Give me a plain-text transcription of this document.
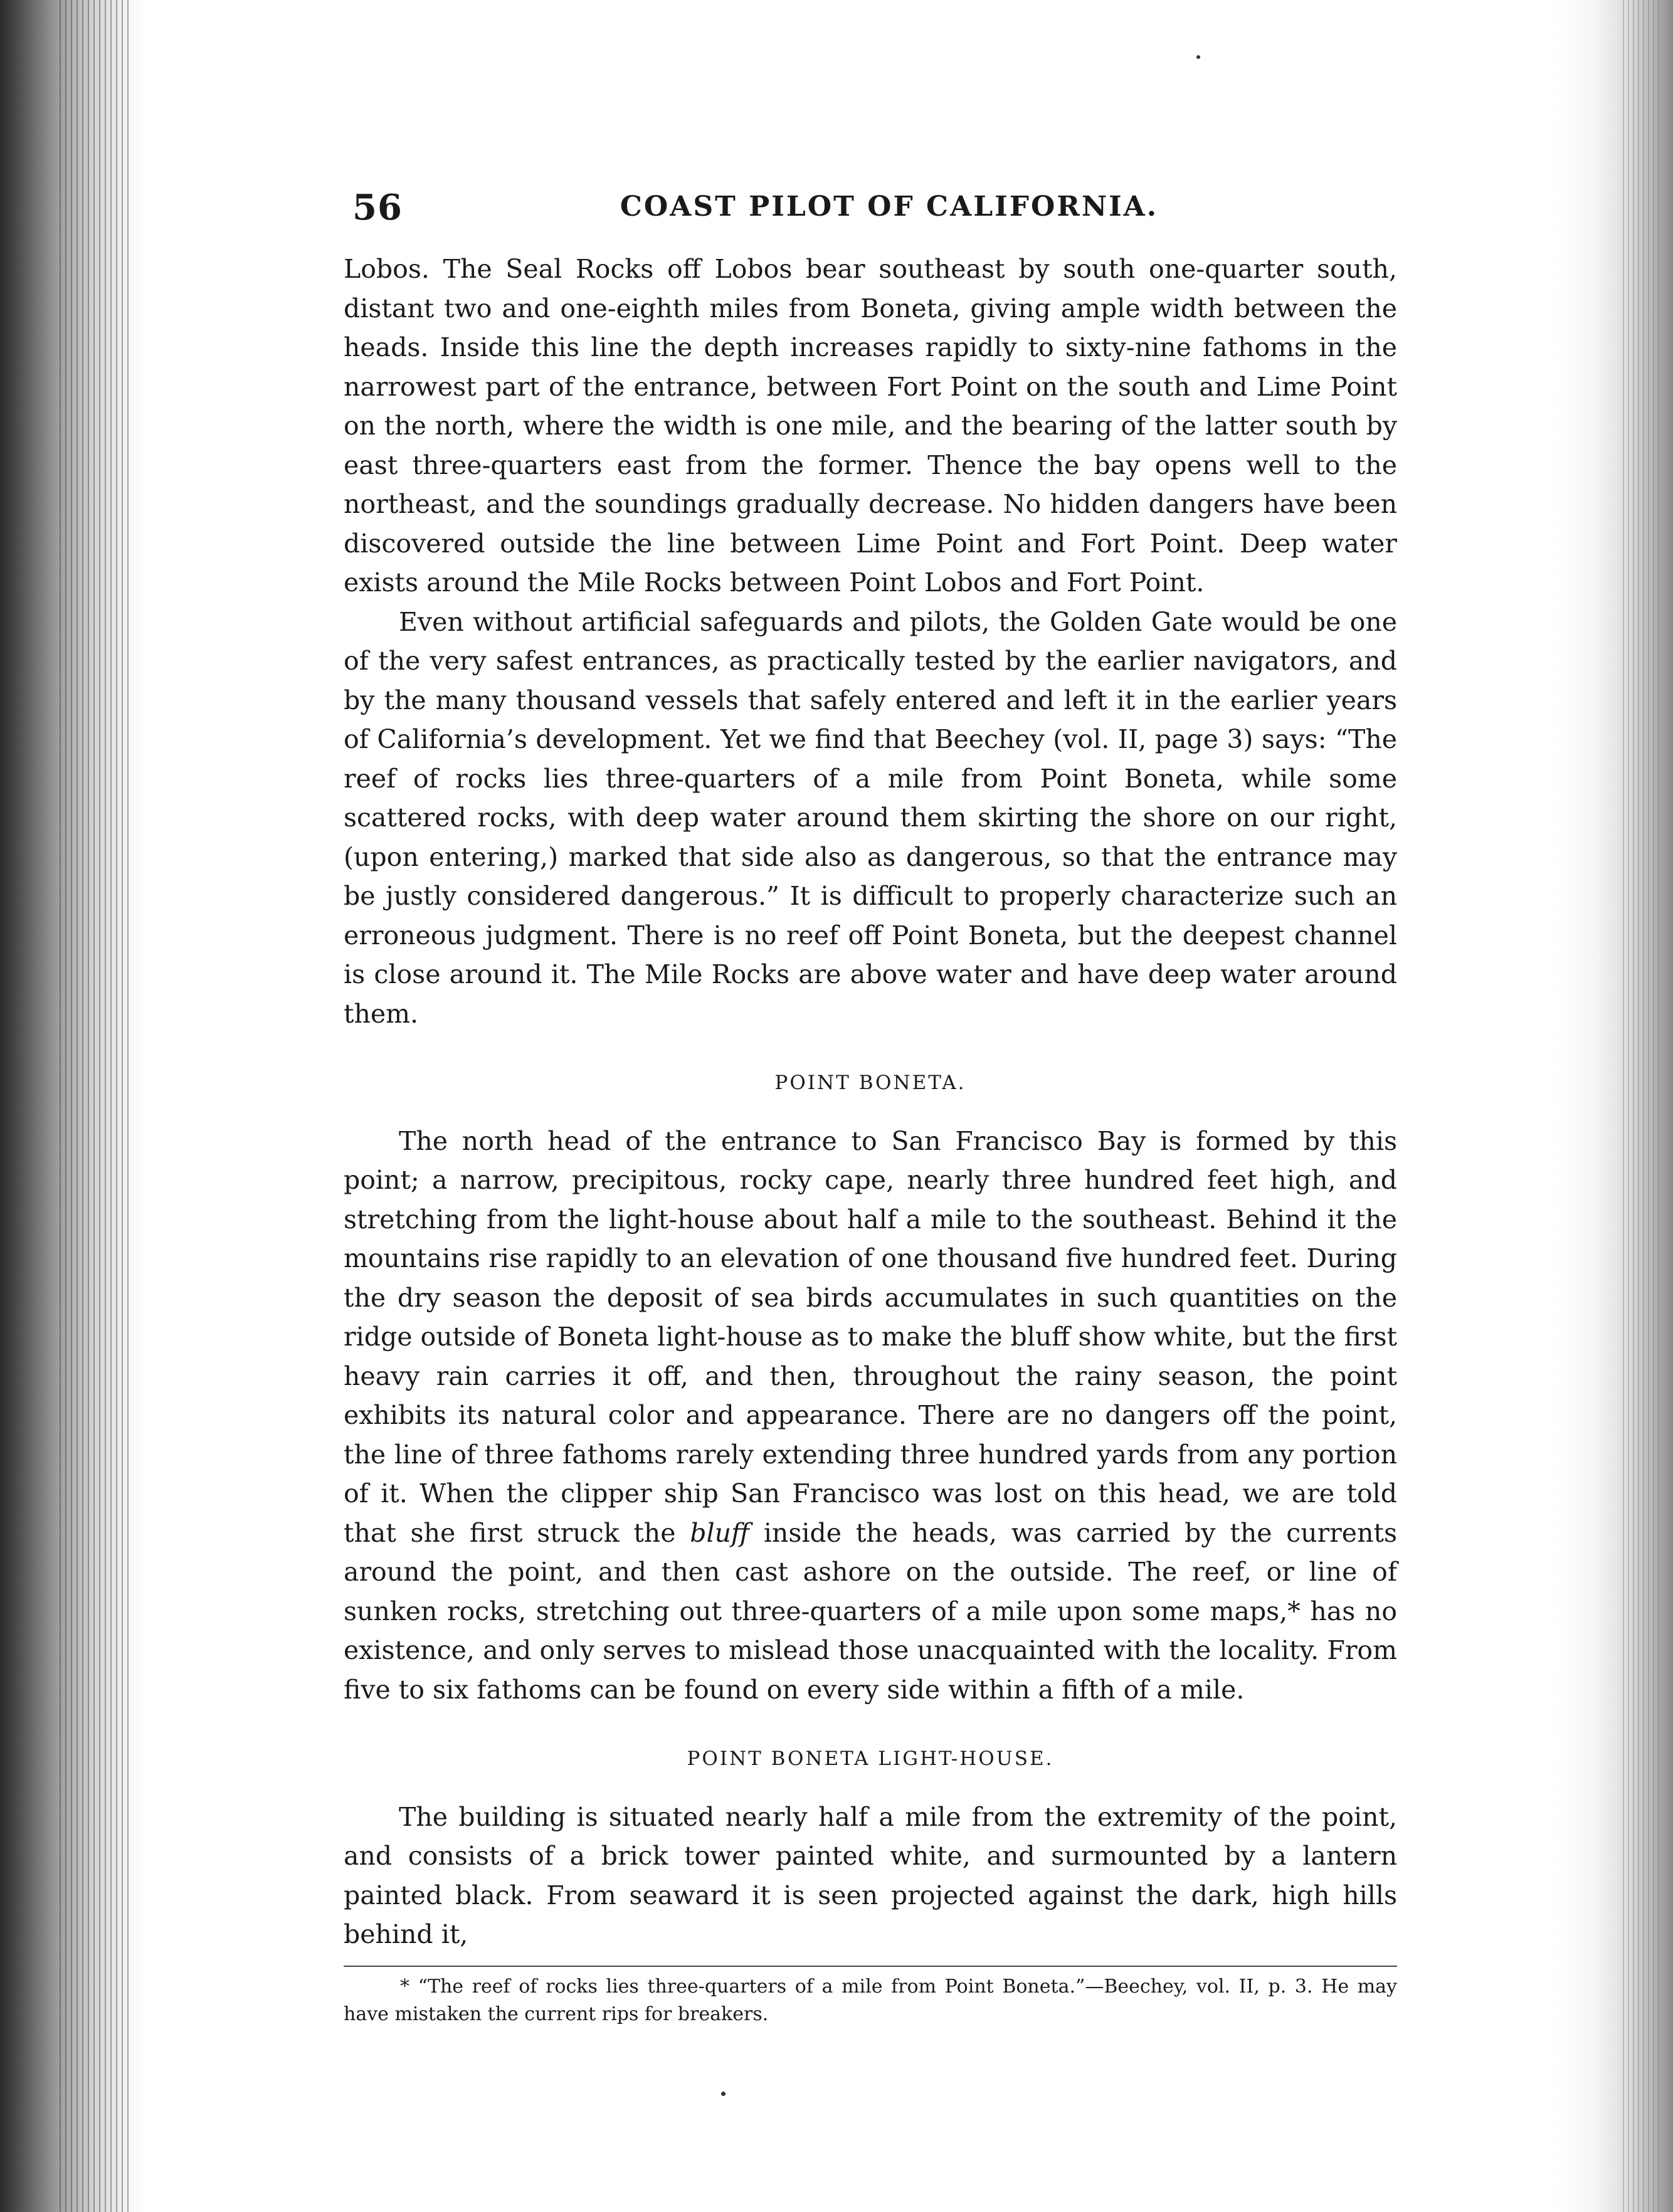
56	COAST PILOT OF CALIFORNIA.

Lobos. The Seal Rocks off Lobos bear southeast by south one-quarter south, distant two and one-eighth miles from Boneta, giving ample width between the heads. Inside this line the depth increases rapidly to sixty-nine fathoms in the narrowest part of the entrance, between Fort Point on the south and Lime Point on the north, where the width is one mile, and the bearing of the latter south by east three-quarters east from the former. Thence the bay opens well to the northeast, and the soundings gradually decrease. No hidden dangers have been discovered outside the line between Lime Point and Fort Point. Deep water exists around the Mile Rocks between Point Lobos and Fort Point.

Even without artificial safeguards and pilots, the Golden Gate would be one of the very safest entrances, as practically tested by the earlier navigators, and by the many thousand vessels that safely entered and left it in the earlier years of California’s development. Yet we find that Beechey (vol. II, page 3) says: “The reef of rocks lies three-quarters of a mile from Point Boneta, while some scattered rocks, with deep water around them skirting the shore on our right, (upon entering,) marked that side also as dangerous, so that the entrance may be justly considered dangerous.” It is difficult to properly characterize such an erroneous judgment. There is no reef off Point Boneta, but the deepest channel is close around it. The Mile Rocks are above water and have deep water around them.

POINT BONETA.

The north head of the entrance to San Francisco Bay is formed by this point; a narrow, precipitous, rocky cape, nearly three hundred feet high, and stretching from the light-house about half a mile to the southeast. Behind it the mountains rise rapidly to an elevation of one thousand five hundred feet. During the dry season the deposit of sea birds accumulates in such quantities on the ridge outside of Boneta light-house as to make the bluff show white, but the first heavy rain carries it off, and then, throughout the rainy season, the point exhibits its natural color and appearance. There are no dangers off the point, the line of three fathoms rarely extending three hundred yards from any portion of it. When the clipper ship San Francisco was lost on this head, we are told that she first struck the bluff inside the heads, was carried by the currents around the point, and then cast ashore on the outside. The reef, or line of sunken rocks, stretching out three-quarters of a mile upon some maps,* has no existence, and only serves to mislead those unacquainted with the locality. From five to six fathoms can be found on every side within a fifth of a mile.

POINT BONETA LIGHT-HOUSE.

The building is situated nearly half a mile from the extremity of the point, and consists of a brick tower painted white, and surmounted by a lantern painted black. From seaward it is seen projected against the dark, high hills behind it,

* “The reef of rocks lies three-quarters of a mile from Point Boneta.”—Beechey, vol. II, p. 3. He may have mistaken the current rips for breakers.
